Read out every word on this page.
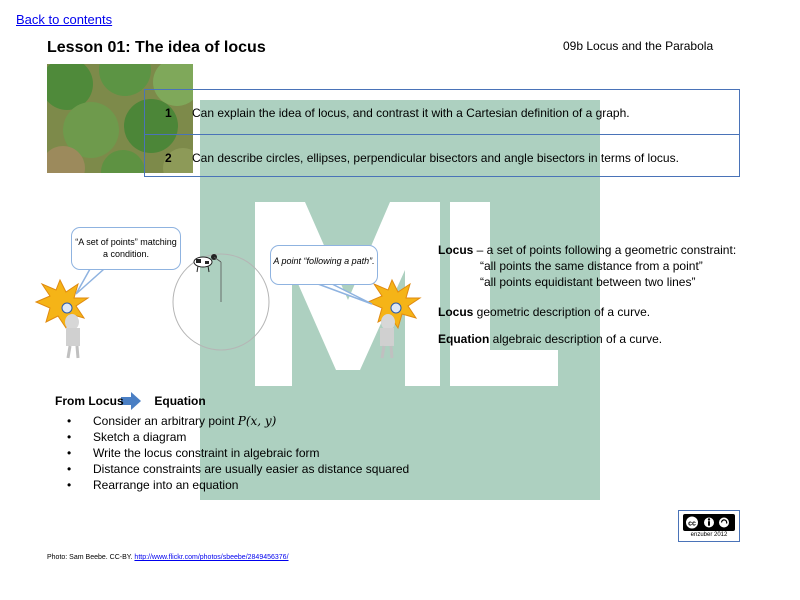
Back to contents
Lesson 01: The idea of locus	09b Locus and the Parabola
1 Can explain the idea of locus, and contrast it with a Cartesian definition of a graph.
2 Can describe circles, ellipses, perpendicular bisectors and angle bisectors in terms of locus.
“A set of points” matching a condition.
A point “following a path”.
Locus – a set of points following a geometric constraint:
“all points the same distance from a point”
“all points equidistant between two lines”
Locus geometric description of a curve.
Equation algebraic description of a curve.
From Locus	Equation
• Consider an arbitrary point P(x, y)
• Sketch a diagram
• Write the locus constraint in algebraic form
• Distance constraints are usually easier as distance squared
• Rearrange into an equation
cc
enzuber 2012
Photo: Sam Beebe. CC-BY. http://www.flickr.com/photos/sbeebe/2849456376/
